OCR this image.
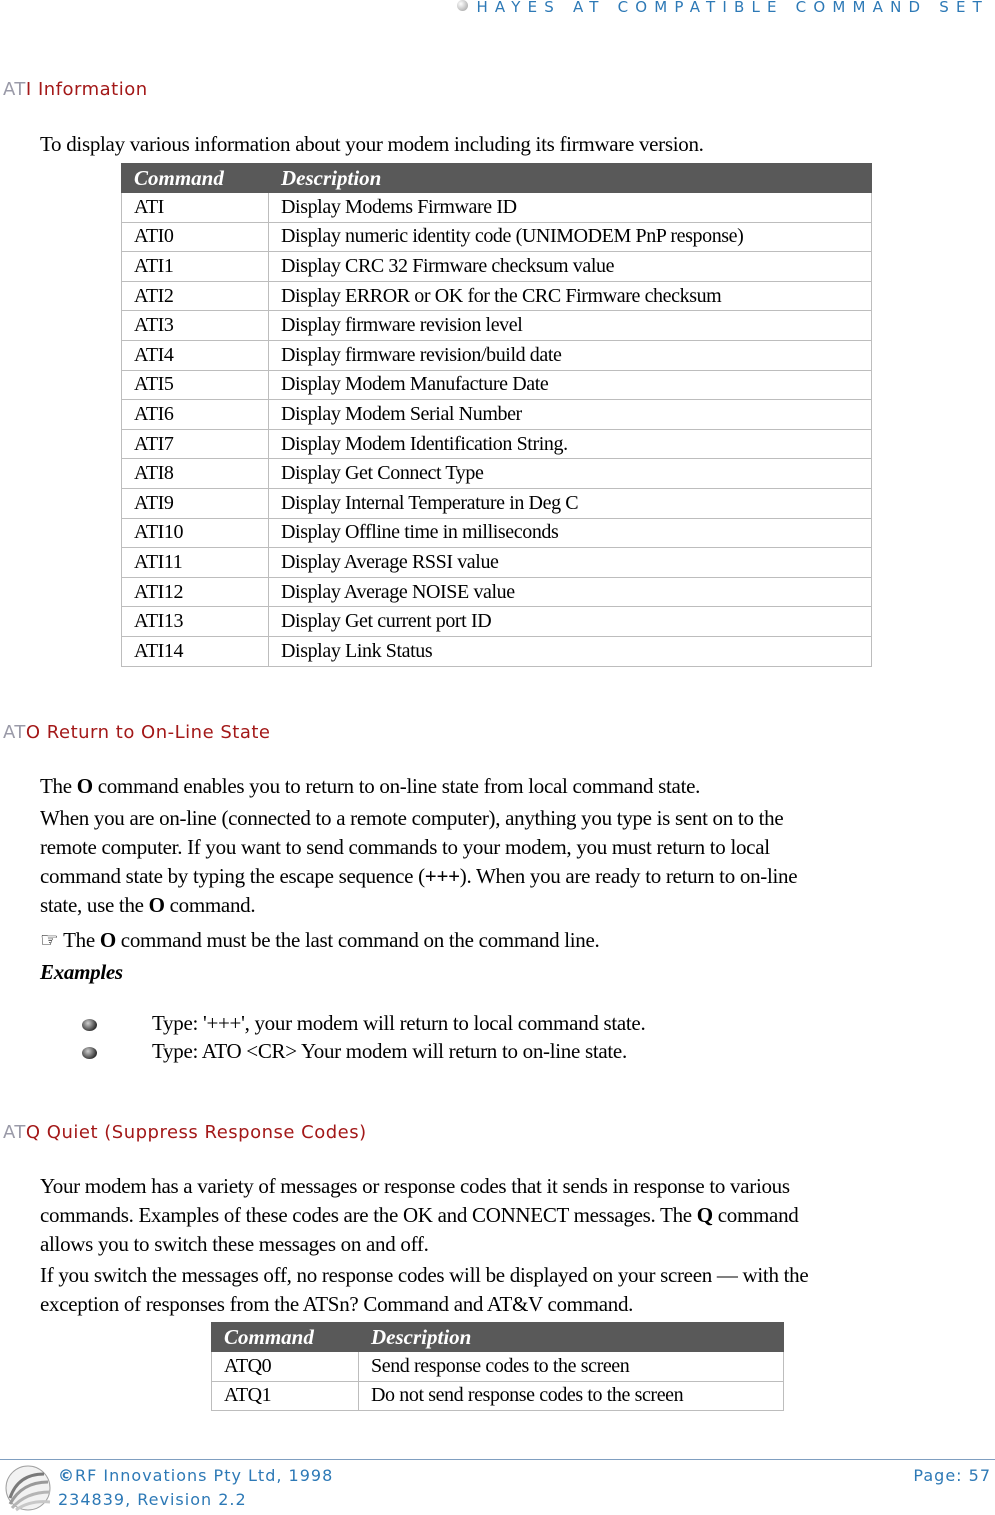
HAYES AT COMPATIBLE COMMAND SET
ATI Information
To display various information about your modem including its firmware version.
Command	Description
ATI	Display Modems Firmware ID
ATI0	Display numeric identity code (UNIMODEM PnP response)
ATI1	Display CRC 32 Firmware checksum value
ATI2	Display ERROR or OK for the CRC Firmware checksum
ATI3	Display firmware revision level
ATI4	Display firmware revision/build date
ATI5	Display Modem Manufacture Date
ATI6	Display Modem Serial Number
ATI7	Display Modem Identification String.
ATI8	Display Get Connect Type
ATI9	Display Internal Temperature in Deg C
ATI10	Display Offline time in milliseconds
ATI11	Display Average RSSI value
ATI12	Display Average NOISE value
ATI13	Display Get current port ID
ATI14	Display Link Status
ATO Return to On-Line State
The O command enables you to return to on-line state from local command state.
When you are on-line (connected to a remote computer), anything you type is sent on to the
remote computer. If you want to send commands to your modem, you must return to local
command state by typing the escape sequence (+++). When you are ready to return to on-line
state, use the O command.
☞ The O command must be the last command on the command line.
Examples
Type: '+++', your modem will return to local command state.
Type: ATO <CR> Your modem will return to on-line state.
ATQ Quiet (Suppress Response Codes)
Your modem has a variety of messages or response codes that it sends in response to various
commands. Examples of these codes are the OK and CONNECT messages. The Q command
allows you to switch these messages on and off.
If you switch the messages off, no response codes will be displayed on your screen — with the
exception of responses from the ATSn? Command and AT&V command.
Command	Description
ATQ0	Send response codes to the screen
ATQ1	Do not send response codes to the screen
©RF Innovations Pty Ltd, 1998
234839, Revision 2.2
Page: 57
